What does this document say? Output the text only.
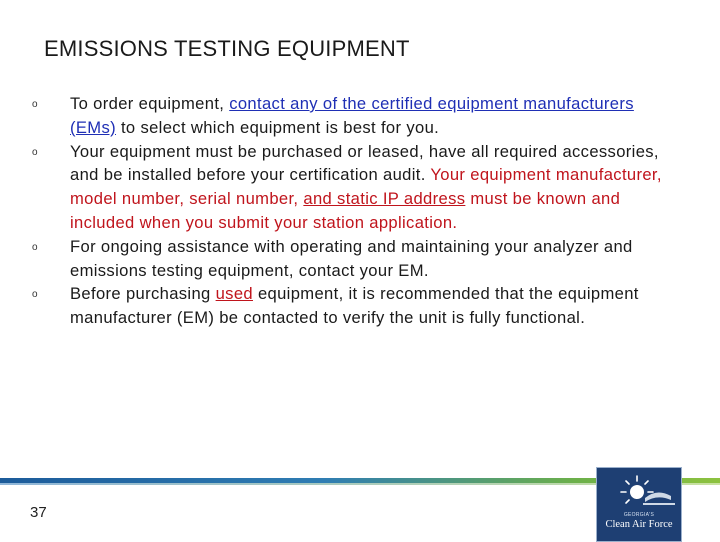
EMISSIONS TESTING EQUIPMENT
o To order equipment, contact any of the certified equipment manufacturers (EMs) to select which equipment is best for you.
o Your equipment must be purchased or leased, have all required accessories, and be installed before your certification audit. Your equipment manufacturer, model number, serial number, and static IP address must be known and included when you submit your station application.
o For ongoing assistance with operating and maintaining your analyzer and emissions testing equipment, contact your EM.
o Before purchasing used equipment, it is recommended that the equipment manufacturer (EM) be contacted to verify the unit is fully functional.
37	GEORGIA'S
Clean Air Force
